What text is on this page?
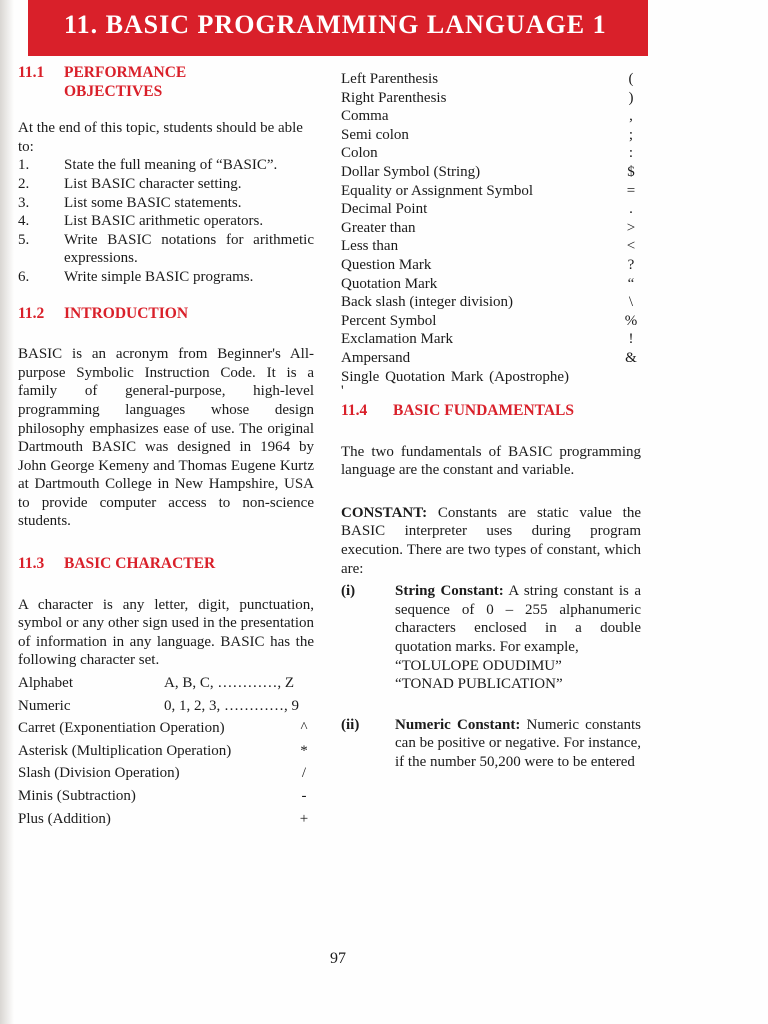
11. BASIC PROGRAMMING LANGUAGE 1
11.1	PERFORMANCE
OBJECTIVES
At the end of this topic, students should be able to:
1.	State the full meaning of “BASIC”.
2.	List BASIC character setting.
3.	List some BASIC statements.
4.	List BASIC arithmetic operators.
5.	Write BASIC notations for arithmetic expressions.
6.	Write simple BASIC programs.
11.2	INTRODUCTION
BASIC is an acronym from Beginner's All-purpose Symbolic Instruction Code. It is a family of general-purpose, high-level programming languages whose design philosophy emphasizes ease of use. The original Dartmouth BASIC was designed in 1964 by John George Kemeny and Thomas Eugene Kurtz at Dartmouth College in New Hampshire, USA to provide computer access to non-science students.
11.3	BASIC CHARACTER
A character is any letter, digit, punctuation, symbol or any other sign used in the presentation of information in any language. BASIC has the following character set.
Alphabet	A, B, C, …………, Z
Numeric	0, 1, 2, 3, …………, 9
Carret (Exponentiation Operation)	^
Asterisk (Multiplication Operation)	*
Slash (Division Operation)	/
Minis (Subtraction)	-
Plus (Addition)	+
Left Parenthesis	(
Right Parenthesis	)
Comma	,
Semi colon	;
Colon	:
Dollar Symbol (String)	$
Equality or Assignment Symbol	=
Decimal Point	.
Greater than	>
Less than	<
Question Mark	?
Quotation Mark	“
Back slash (integer division)	\
Percent Symbol	%
Exclamation Mark	!
Ampersand	&
Single Quotation Mark (Apostrophe)
'
11.4	BASIC FUNDAMENTALS
The two fundamentals of BASIC programming language are the constant and variable.
CONSTANT: Constants are static value the BASIC interpreter uses during program execution. There are two types of constant, which are:
(i)	String Constant: A string constant is a sequence of 0 – 255 alphanumeric characters enclosed in a double quotation marks. For example,
“TOLULOPE ODUDIMU”
“TONAD PUBLICATION”
(ii)	Numeric Constant: Numeric constants can be positive or negative. For instance, if the number 50,200 were to be entered
97
